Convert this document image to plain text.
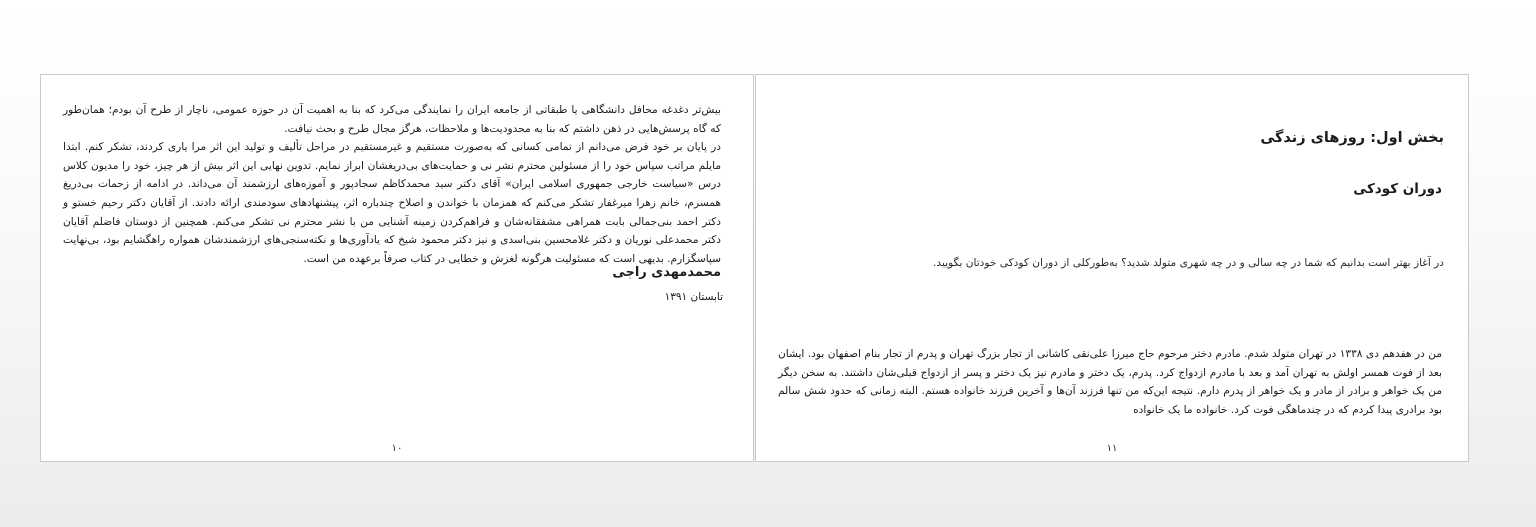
بیش‌تر دغدغه محافل دانشگاهی یا طبقاتی از جامعه ایران را نمایندگی می‌کرد که بنا به اهمیت آن در حوزه عمومی، ناچار از طرح آن بودم؛ همان‌طور که گاه پرسش‌هایی در ذهن داشتم که بنا به محدودیت‌ها و ملاحظات، هرگز مجال طرح و بحث نیافت.
در پایان بر خود فرض می‌دانم از تمامی کسانی که به‌صورت مستقیم و غیرمستقیم در مراحل تألیف و تولید این اثر مرا یاری کردند، تشکر کنم. ابتدا مایلم مراتب سپاس خود را از مسئولین محترم نشر نی و حمایت‌های بی‌دریغشان ابراز نمایم. تدوین نهایی این اثر بیش از هر چیز، خود را مدیون کلاس درس «سیاست خارجی جمهوری اسلامی ایران» آقای دکتر سید محمدکاظم سجادپور و آموزه‌های ارزشمند آن می‌داند. در ادامه از زحمات بی‌دریغ همسرم، خانم زهرا میرغفار تشکر می‌کنم که همزمان با خواندن و اصلاح چندباره اثر، پیشنهادهای سودمندی ارائه دادند. از آقایان دکتر رحیم خستو و دکتر احمد بنی‌جمالی بابت همراهی مشفقانه‌شان و فراهم‌کردن زمینه آشنایی من با نشر محترم نی تشکر می‌کنم. همچنین از دوستان فاضلم آقایان دکتر محمدعلی نوریان و دکتر غلامحسین بنی‌اسدی و نیز دکتر محمود شیخ که یادآوری‌ها و نکته‌سنجی‌های ارزشمندشان همواره راهگشایم بود، بی‌نهایت سپاسگزارم. بدیهی است که مسئولیت هرگونه لغزش و خطایی در کتاب صرفاً برعهده من است.
محمدمهدی راجی
تابستان ۱۳۹۱
۱۰
بخش اول: روزهای زندگی
دوران کودکی
در آغاز بهتر است بدانیم که شما در چه سالی و در چه شهری متولد شدید؟ به‌طورکلی از دوران کودکی خودتان بگویید.
من در هفدهم دی ۱۳۳۸ در تهران متولد شدم. مادرم دختر مرحوم حاج میرزا علی‌نقی کاشانی از تجار بزرگ تهران و پدرم از تجار بنام اصفهان بود. ایشان بعد از فوت همسر اولش به تهران آمد و بعد با مادرم ازدواج کرد. پدرم، یک دختر و مادرم نیز یک دختر و پسر از ازدواج قبلی‌شان داشتند. به سخن دیگر من یک خواهر و برادر از مادر و یک خواهر از پدرم دارم. نتیجه این‌که من تنها فرزند آن‌ها و آخرین فرزند خانواده هستم. البته زمانی که حدود شش سالم بود برادری پیدا کردم که در چندماهگی فوت کرد. خانواده ما یک خانواده
۱۱
